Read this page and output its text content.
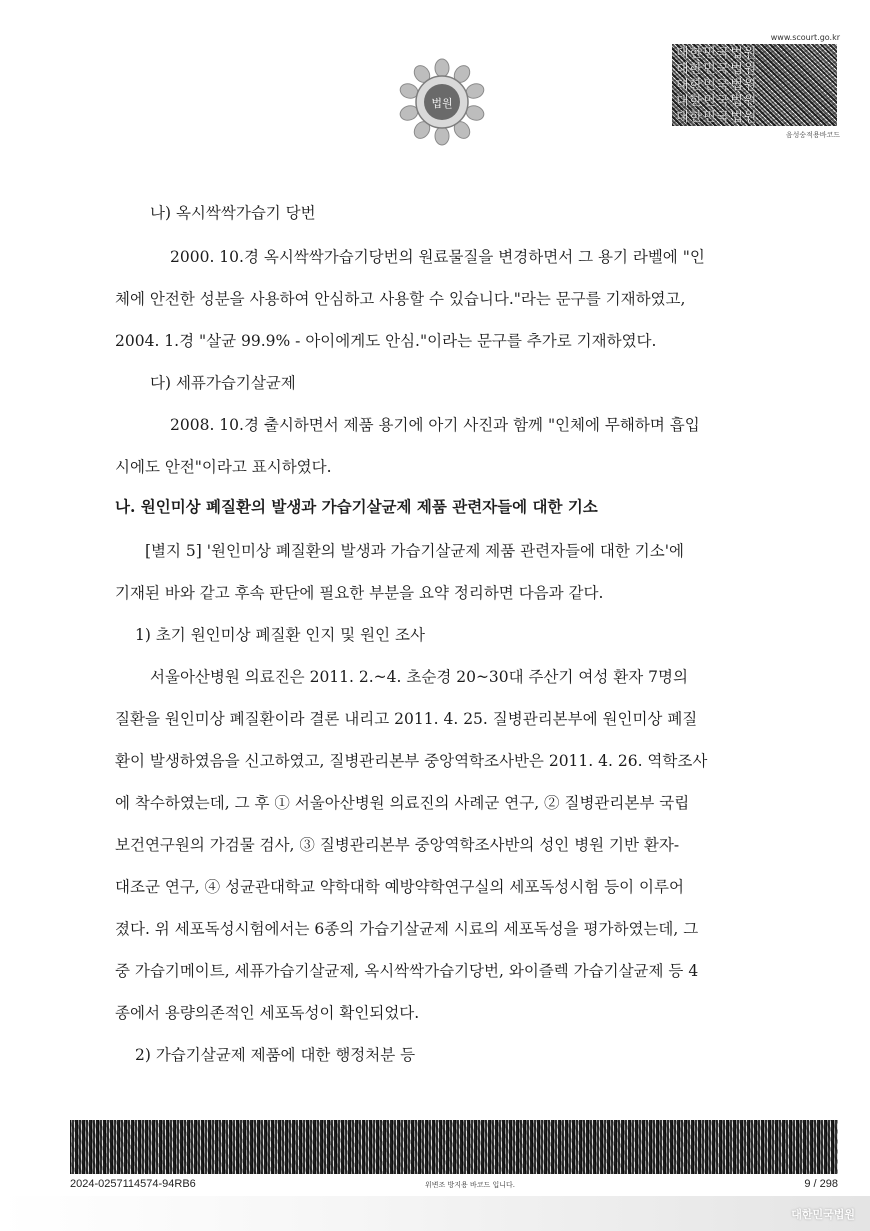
법원
www.scourt.go.kr
대한민국법원
대한민국법원
대한민국법원
대한민국법원
대한민국법원
음성숭적용바코드
나) 옥시싹싹가습기 당번
2000. 10.경 옥시싹싹가습기당번의 원료물질을 변경하면서 그 용기 라벨에 "인
체에 안전한 성분을 사용하여 안심하고 사용할 수 있습니다."라는 문구를 기재하였고,
2004. 1.경 "살균 99.9% - 아이에게도 안심."이라는 문구를 추가로 기재하였다.
다) 세퓨가습기살균제
2008. 10.경 출시하면서 제품 용기에 아기 사진과 함께 "인체에 무해하며 흡입
시에도 안전"이라고 표시하였다.
나. 원인미상 폐질환의 발생과 가습기살균제 제품 관련자들에 대한 기소
[별지 5] '원인미상 폐질환의 발생과 가습기살균제 제품 관련자들에 대한 기소'에
기재된 바와 같고 후속 판단에 필요한 부분을 요약 정리하면 다음과 같다.
1) 초기 원인미상 폐질환 인지 및 원인 조사
서울아산병원 의료진은 2011. 2.~4. 초순경 20~30대 주산기 여성 환자 7명의
질환을 원인미상 폐질환이라 결론 내리고 2011. 4. 25. 질병관리본부에 원인미상 폐질
환이 발생하였음을 신고하였고, 질병관리본부 중앙역학조사반은 2011. 4. 26. 역학조사
에 착수하였는데, 그 후 ① 서울아산병원 의료진의 사례군 연구, ② 질병관리본부 국립
보건연구원의 가검물 검사, ③ 질병관리본부 중앙역학조사반의 성인 병원 기반 환자-
대조군 연구, ④ 성균관대학교 약학대학 예방약학연구실의 세포독성시험 등이 이루어
졌다. 위 세포독성시험에서는 6종의 가습기살균제 시료의 세포독성을 평가하였는데, 그
중 가습기메이트, 세퓨가습기살균제, 옥시싹싹가습기당번, 와이즐렉 가습기살균제 등 4
종에서 용량의존적인 세포독성이 확인되었다.
2) 가습기살균제 제품에 대한 행정처분 등
2024-0257114574-94RB6	위변조 방지용 바코드 입니다.	9 / 298
대한민국법원
